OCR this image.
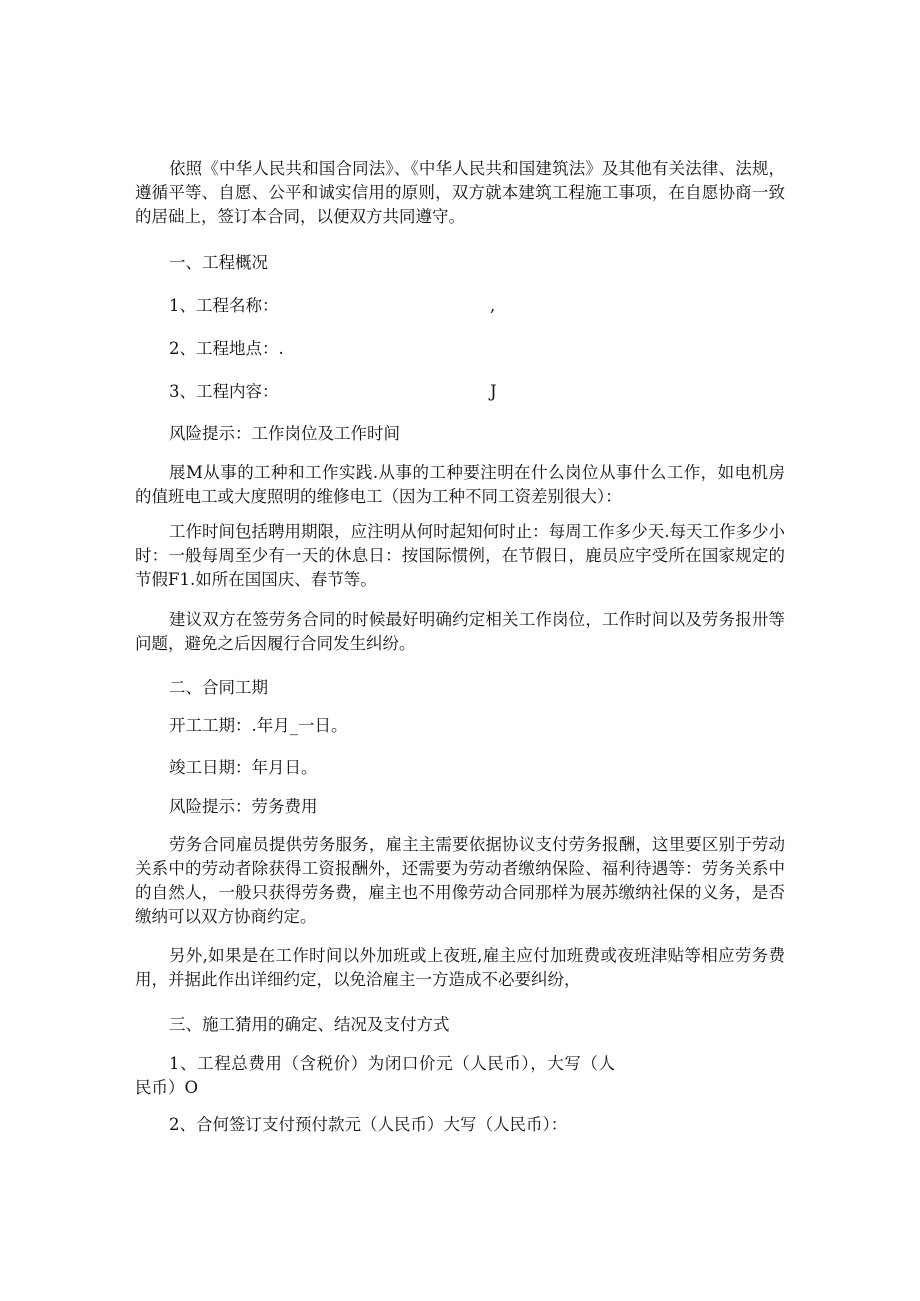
依照《中华人民共和国合同法》、《中华人民共和国建筑法》及其他有关法律、法规，遵循平等、自愿、公平和诚实信用的原则，双方就本建筑工程施工事项，在自愿协商一致的居础上，签订本合同，以便双方共同遵守。

一、工程概况
1、工程名称：	,
2、工程地点：.
3、工程内容：	J
风险提示：工作岗位及工作时间

展M从事的工种和工作实践.从事的工种要注明在什么岗位从事什么工作，如电机房的值班电工或大度照明的维修电工（因为工种不同工资差别很大）：

工作时间包括聘用期限，应注明从何时起知何时止：每周工作多少天.每天工作多少小时：一般每周至少有一天的休息日：按国际惯例，在节假日，鹿员应宇受所在国家规定的节假F1.如所在国国庆、春节等。

建议双方在签劳务合同的时候最好明确约定相关工作岗位，工作时间以及劳务报卅等问题，避免之后因履行合同发生纠纷。

二、合同工期
开工工期：.年月_一日。
竣工日期：年月日。
风险提示：劳务费用

劳务合同雇员提供劳务服务，雇主主需要依据协议支付劳务报酬，这里要区别于劳动关系中的劳动者除获得工资报酬外，还需要为劳动者缴纳保险、福利待遇等：劳务关系中的自然人，一般只获得劳务费，雇主也不用像劳动合同那样为展苏缴纳社保的义务，是否缴纳可以双方协商约定。

另外,如果是在工作时间以外加班或上夜班,雇主应付加班费或夜班津贴等相应劳务费用，并据此作出详细约定，以免洽雇主一方造成不必要纠纷，

三、施工猜用的确定、结况及支付方式

1、工程总费用（含税价）为闭口价元（人民币），大写（人民币）O

2、合何签订支付预付款元（人民币）大写（人民币）：
